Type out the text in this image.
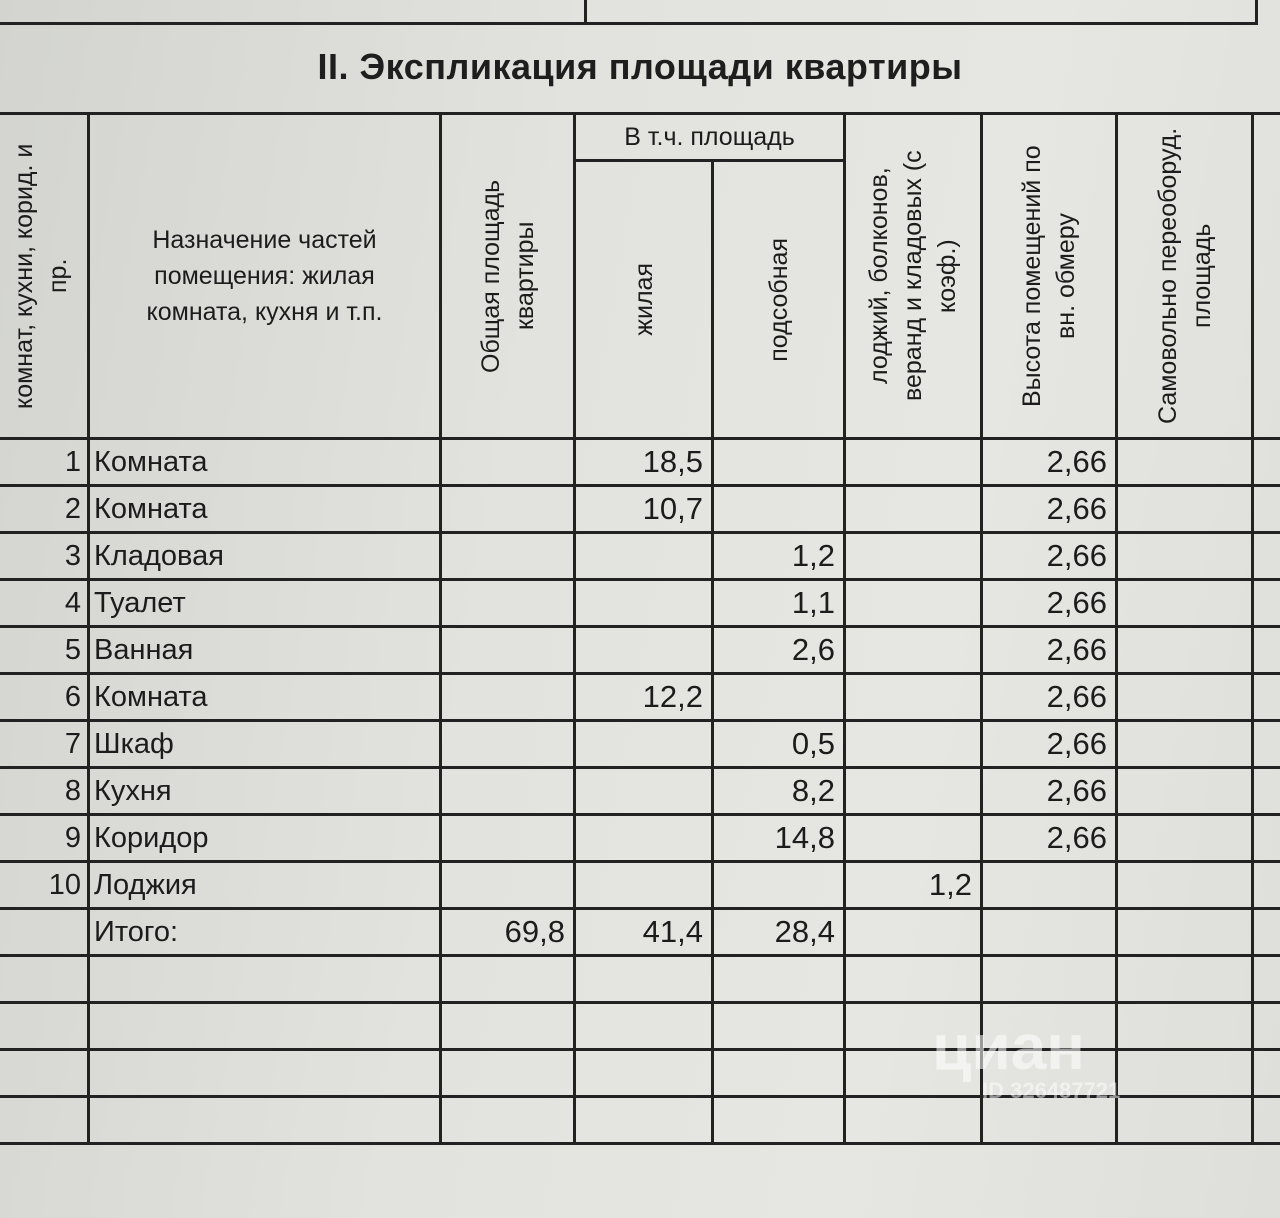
II. Экспликация площади квартиры
комнат, кухни, корид. и пр.	Назначение частей помещения: жилая комната, кухня и т.п.	Общая площадь квартиры	В т.ч. площадь		лоджий, болконов, веранд и кладовых (с коэф.)	Высота помещений по вн. обмеру	Самовольно переоборуд. площадь	

			жилая	подсобная				

1	Комната		18,5			2,66		
2	Комната		10,7			2,66		
3	Кладовая			1,2		2,66		
4	Туалет			1,1		2,66		
5	Ванная			2,6		2,66		
6	Комната		12,2			2,66		
7	Шкаф			0,5		2,66		
8	Кухня			8,2		2,66		
9	Коридор			14,8		2,66		
10	Лоджия				1,2			
	Итого:	69,8	41,4	28,4				

циан
ID 326487721
